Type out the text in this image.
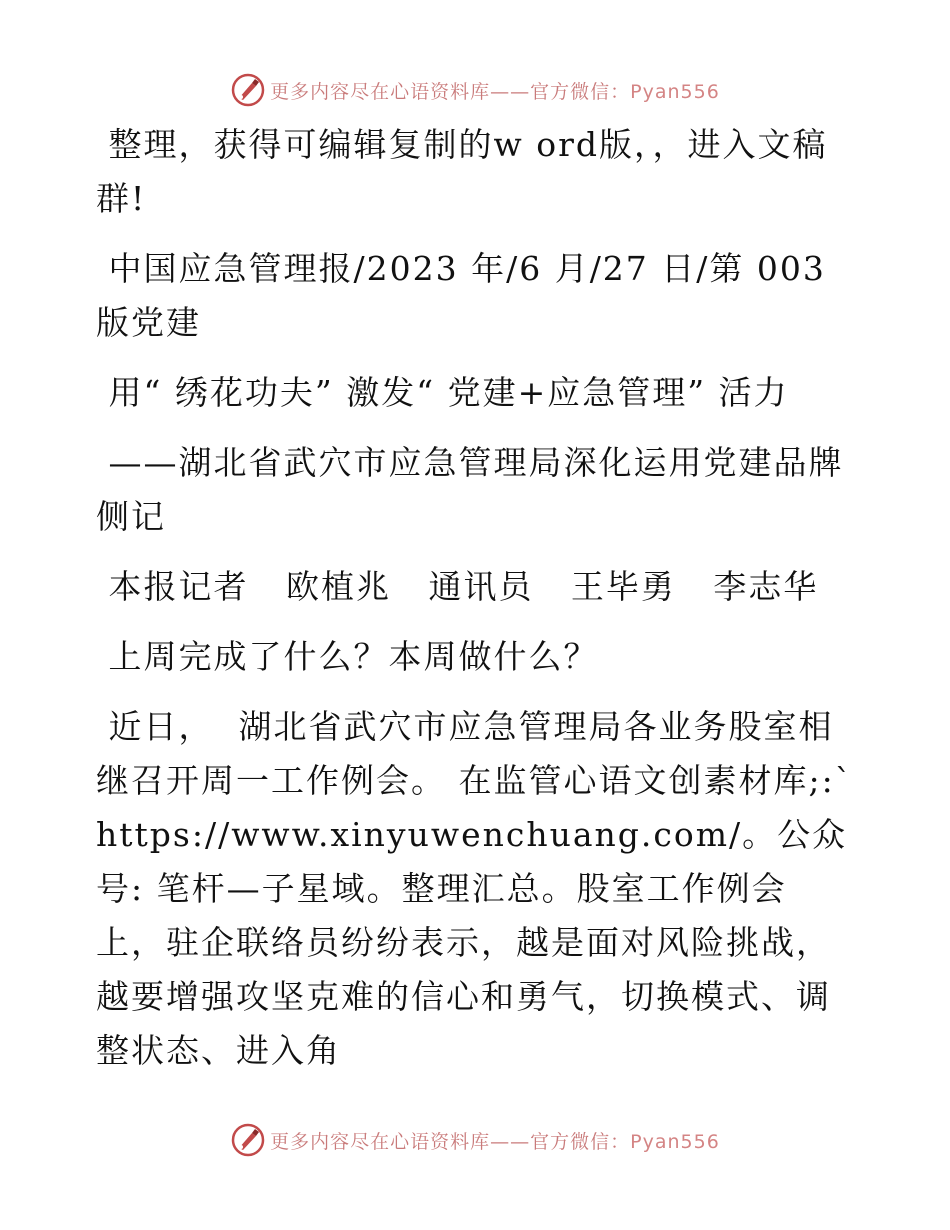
更多内容尽在心语资料库——官方微信：Pyan556

整理，获得可编辑复制的w ord版，，进入文稿群!

中国应急管理报/2023 年/6 月/27 日/第 003 版党建

用“ 绣花功夫” 激发“ 党建+应急管理” 活力

——湖北省武穴市应急管理局深化运用党建品牌侧记

本报记者   欧植兆   通讯员   王毕勇   李志华

上周完成了什么？本周做什么？

近日，  湖北省武穴市应急管理局各业务股室相继召开周一工作例会。 在监管心语文创素材库;:`https://www.xinyuwenchuang.com/。公众号: 笔杆—子星域。整理汇总。股室工作例会上，驻企联络员纷纷表示，越是面对风险挑战，越要增强攻坚克难的信心和勇气，切换模式、调整状态、进入角

更多内容尽在心语资料库——官方微信：Pyan556
